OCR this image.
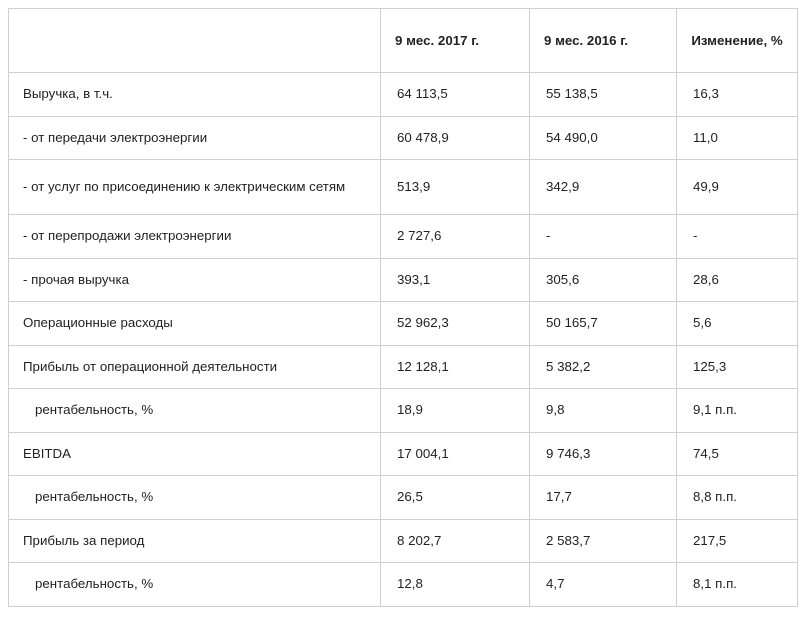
	9 мес. 2017 г.	9 мес. 2016 г.	Изменение, %
Выручка, в т.ч.	64 113,5	55 138,5	16,3
- от передачи электроэнергии	60 478,9	54 490,0	11,0
- от услуг по присоединению к электрическим сетям	513,9	342,9	49,9
- от перепродажи электроэнергии	2 727,6	-	-
- прочая выручка	393,1	305,6	28,6
Операционные расходы	52 962,3	50 165,7	5,6
Прибыль от операционной деятельности	12 128,1	5 382,2	125,3
рентабельность, %	18,9	9,8	9,1 п.п.
EBITDA	17 004,1	9 746,3	74,5
рентабельность, %	26,5	17,7	8,8 п.п.
Прибыль за период	8 202,7	2 583,7	217,5
рентабельность, %	12,8	4,7	8,1 п.п.
